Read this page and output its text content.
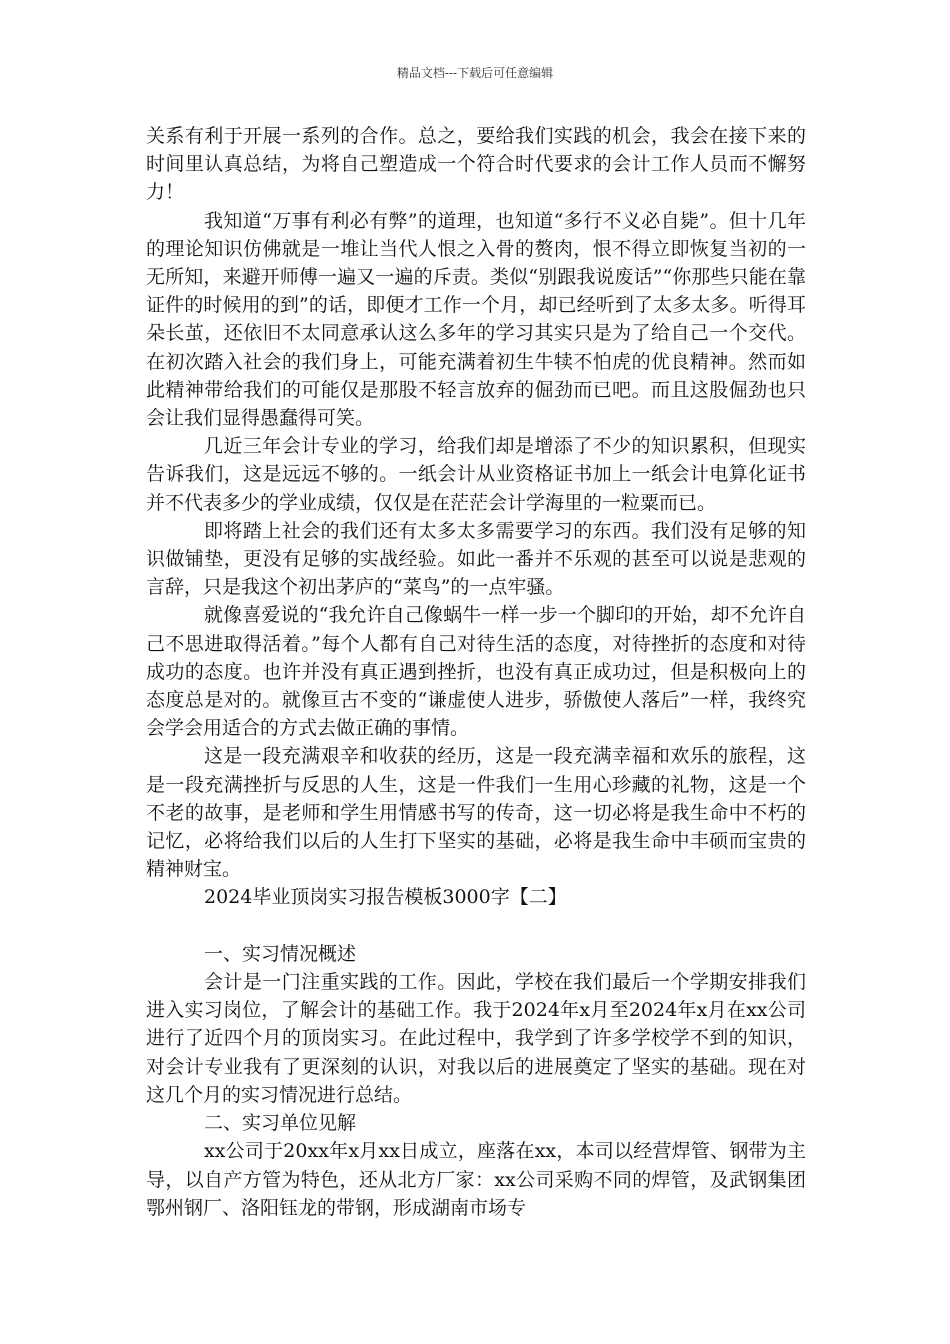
精品文档---下载后可任意编辑

关系有利于开展一系列的合作。总之，要给我们实践的机会，我会在接下来的时间里认真总结，为将自己塑造成一个符合时代要求的会计工作人员而不懈努力！

我知道“万事有利必有弊”的道理，也知道“多行不义必自毙”。但十几年的理论知识仿佛就是一堆让当代人恨之入骨的赘肉，恨不得立即恢复当初的一无所知，来避开师傅一遍又一遍的斥责。类似“别跟我说废话”“你那些只能在靠证件的时候用的到”的话，即便才工作一个月，却已经听到了太多太多。听得耳朵长茧，还依旧不太同意承认这么多年的学习其实只是为了给自己一个交代。在初次踏入社会的我们身上，可能充满着初生牛犊不怕虎的优良精神。然而如此精神带给我们的可能仅是那股不轻言放弃的倔劲而已吧。而且这股倔劲也只会让我们显得愚蠢得可笑。

几近三年会计专业的学习，给我们却是增添了不少的知识累积，但现实告诉我们，这是远远不够的。一纸会计从业资格证书加上一纸会计电算化证书并不代表多少的学业成绩，仅仅是在茫茫会计学海里的一粒粟而已。

即将踏上社会的我们还有太多太多需要学习的东西。我们没有足够的知识做铺垫，更没有足够的实战经验。如此一番并不乐观的甚至可以说是悲观的言辞，只是我这个初出茅庐的“菜鸟”的一点牢骚。

就像喜爱说的“我允许自己像蜗牛一样一步一个脚印的开始，却不允许自己不思进取得活着。”每个人都有自己对待生活的态度，对待挫折的态度和对待成功的态度。也许并没有真正遇到挫折，也没有真正成功过，但是积极向上的态度总是对的。就像亘古不变的“谦虚使人进步，骄傲使人落后”一样，我终究会学会用适合的方式去做正确的事情。

这是一段充满艰辛和收获的经历，这是一段充满幸福和欢乐的旅程，这是一段充满挫折与反思的人生，这是一件我们一生用心珍藏的礼物，这是一个不老的故事，是老师和学生用情感书写的传奇，这一切必将是我生命中不朽的记忆，必将给我们以后的人生打下坚实的基础，必将是我生命中丰硕而宝贵的精神财宝。

2024毕业顶岗实习报告模板3000字【二】

一、实习情况概述

会计是一门注重实践的工作。因此，学校在我们最后一个学期安排我们进入实习岗位，了解会计的基础工作。我于2024年x月至2024年x月在xx公司进行了近四个月的顶岗实习。在此过程中，我学到了许多学校学不到的知识，对会计专业我有了更深刻的认识，对我以后的进展奠定了坚实的基础。现在对这几个月的实习情况进行总结。

二、实习单位见解

xx公司于20xx年x月xx日成立，座落在xx，本司以经营焊管、钢带为主导，以自产方管为特色，还从北方厂家：xx公司采购不同的焊管，及武钢集团鄂州钢厂、洛阳钰龙的带钢，形成湖南市场专
